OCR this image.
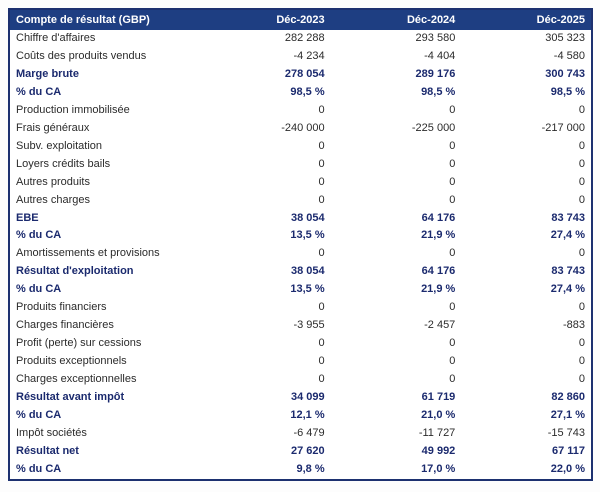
Compte de résultat (GBP)	Déc-2023	Déc-2024	Déc-2025
Chiffre d'affaires	282 288	293 580	305 323
Coûts des produits vendus	-4 234	-4 404	-4 580
Marge brute	278 054	289 176	300 743
% du CA	98,5 %	98,5 %	98,5 %
Production immobilisée	0	0	0
Frais généraux	-240 000	-225 000	-217 000
Subv. exploitation	0	0	0
Loyers crédits bails	0	0	0
Autres produits	0	0	0
Autres charges	0	0	0
EBE	38 054	64 176	83 743
% du CA	13,5 %	21,9 %	27,4 %
Amortissements et provisions	0	0	0
Résultat d'exploitation	38 054	64 176	83 743
% du CA	13,5 %	21,9 %	27,4 %
Produits financiers	0	0	0
Charges financières	-3 955	-2 457	-883
Profit (perte) sur cessions	0	0	0
Produits exceptionnels	0	0	0
Charges exceptionnelles	0	0	0
Résultat avant impôt	34 099	61 719	82 860
% du CA	12,1 %	21,0 %	27,1 %
Impôt sociétés	-6 479	-11 727	-15 743
Résultat net	27 620	49 992	67 117
% du CA	9,8 %	17,0 %	22,0 %
